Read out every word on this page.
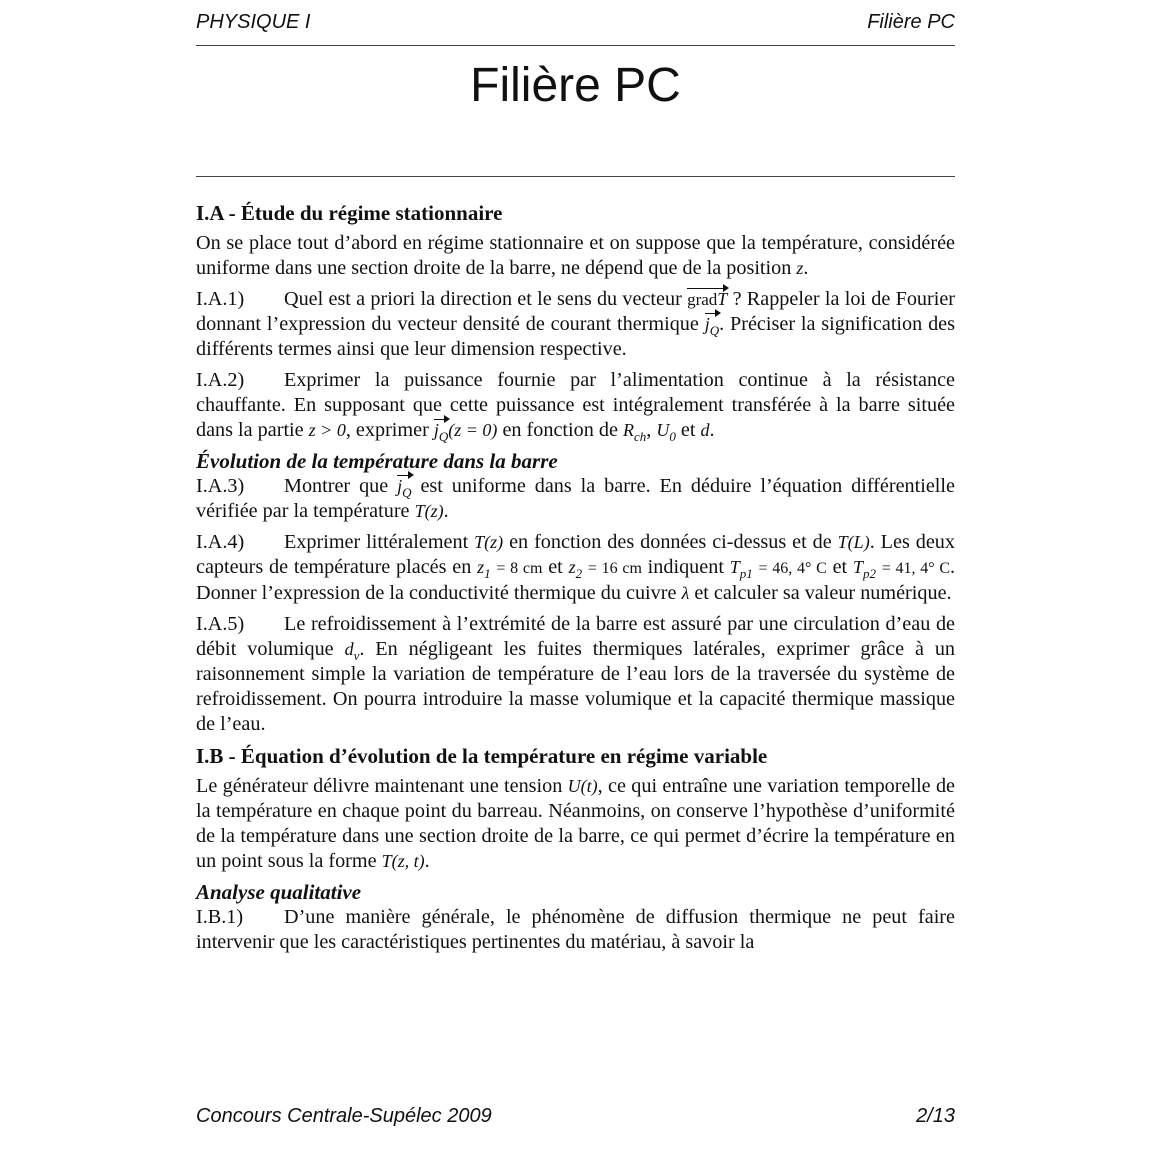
PHYSIQUE I	Filière PC
Filière PC
I.A - Étude du régime stationnaire

On se place tout d’abord en régime stationnaire et on suppose que la température, considérée uniforme dans une section droite de la barre, ne dépend que de la position z.

I.A.1) Quel est a priori la direction et le sens du vecteur gradT ? Rappeler la loi de Fourier donnant l’expression du vecteur densité de courant thermique $j_Q$. Préciser la signification des différents termes ainsi que leur dimension respective.

I.A.2) Exprimer la puissance fournie par l’alimentation continue à la résistance chauffante. En supposant que cette puissance est intégralement transférée à la barre située dans la partie z > 0, exprimer $j_Q(z = 0)$ en fonction de $R_{ch}$, $U_0$ et d.

Évolution de la température dans la barre

I.A.3) Montrer que $j_Q$ est uniforme dans la barre. En déduire l’équation différentielle vérifiée par la température T(z).

I.A.4) Exprimer littéralement T(z) en fonction des données ci-dessus et de T(L). Les deux capteurs de température placés en $z_1 = 8$ cm et $z_2 = 16$ cm indiquent $T_{p1} = 46$, 4° C et $T_{p2} = 41$, 4° C. Donner l’expression de la conductivité thermique du cuivre λ et calculer sa valeur numérique.

I.A.5) Le refroidissement à l’extrémité de la barre est assuré par une circulation d’eau de débit volumique $d_v$. En négligeant les fuites thermiques latérales, exprimer grâce à un raisonnement simple la variation de température de l’eau lors de la traversée du système de refroidissement. On pourra introduire la masse volumique et la capacité thermique massique de l’eau.

I.B - Équation d’évolution de la température en régime variable

Le générateur délivre maintenant une tension U(t), ce qui entraîne une variation temporelle de la température en chaque point du barreau. Néanmoins, on conserve l’hypothèse d’uniformité de la température dans une section droite de la barre, ce qui permet d’écrire la température en un point sous la forme T(z, t).

Analyse qualitative

I.B.1) D’une manière générale, le phénomène de diffusion thermique ne peut faire intervenir que les caractéristiques pertinentes du matériau, à savoir la

Concours Centrale-Supélec 2009	2/13
